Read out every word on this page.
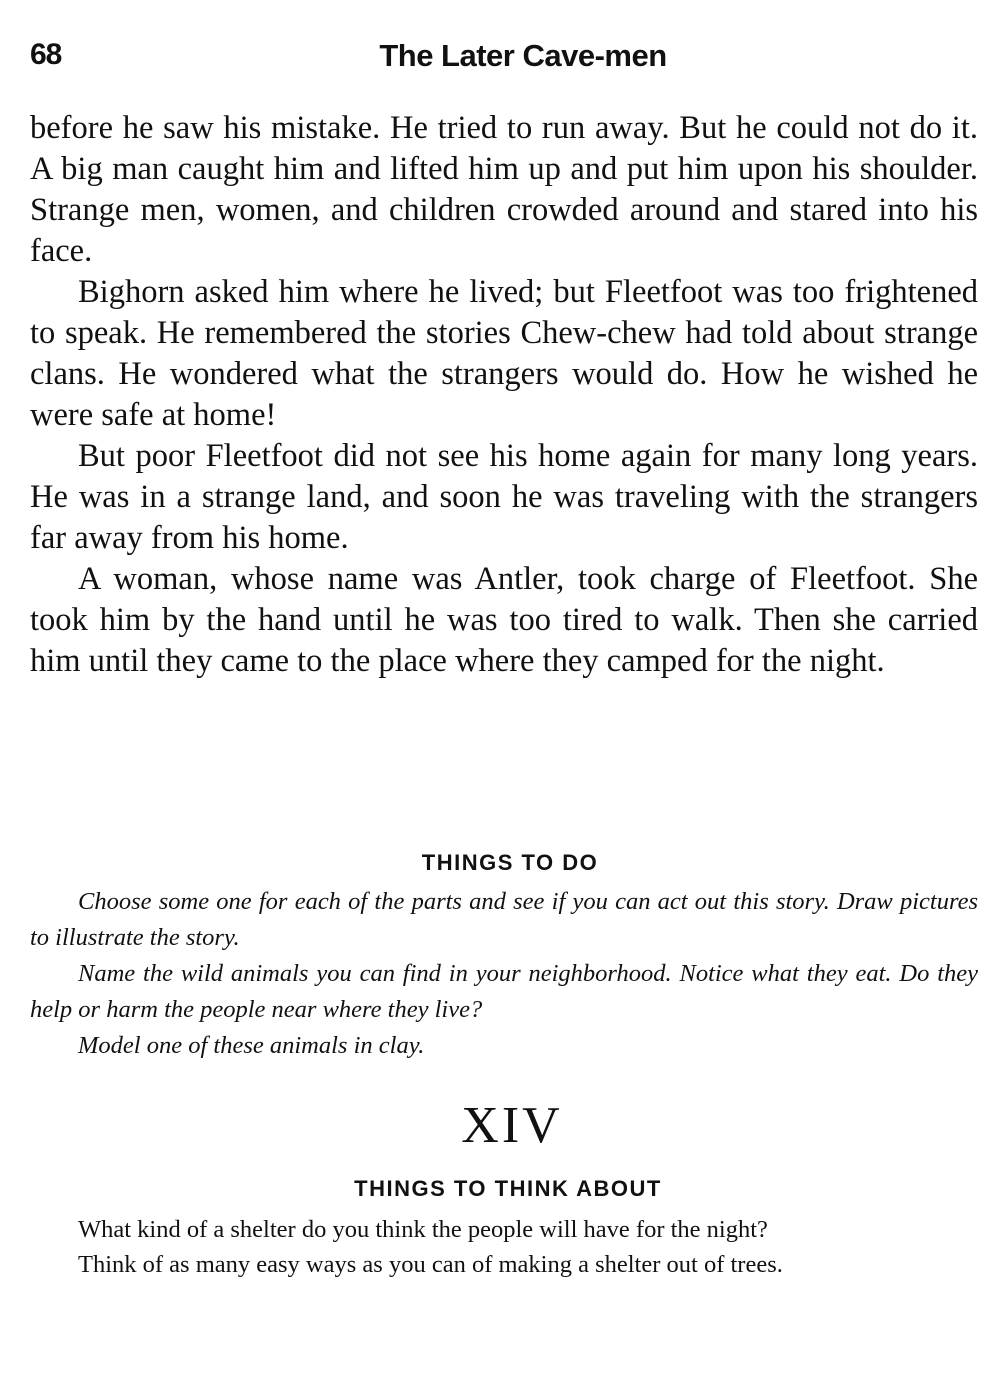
68	The Later Cave-men

before he saw his mistake. He tried to run away. But he could not do it. A big man caught him and lifted him up and put him upon his shoulder. Strange men, women, and children crowded around and stared into his face.

Bighorn asked him where he lived; but Fleetfoot was too frightened to speak. He remembered the stories Chew-chew had told about strange clans. He wondered what the strangers would do. How he wished he were safe at home!

But poor Fleetfoot did not see his home again for many long years. He was in a strange land, and soon he was traveling with the strangers far away from his home.

A woman, whose name was Antler, took charge of Fleetfoot. She took him by the hand until he was too tired to walk. Then she carried him until they came to the place where they camped for the night.

THINGS TO DO

Choose some one for each of the parts and see if you can act out this story. Draw pictures to illustrate the story.

Name the wild animals you can find in your neighborhood. Notice what they eat. Do they help or harm the people near where they live?

Model one of these animals in clay.

XIV
THINGS TO THINK ABOUT

What kind of a shelter do you think the people will have for the night?

Think of as many easy ways as you can of making a shelter out of trees.
